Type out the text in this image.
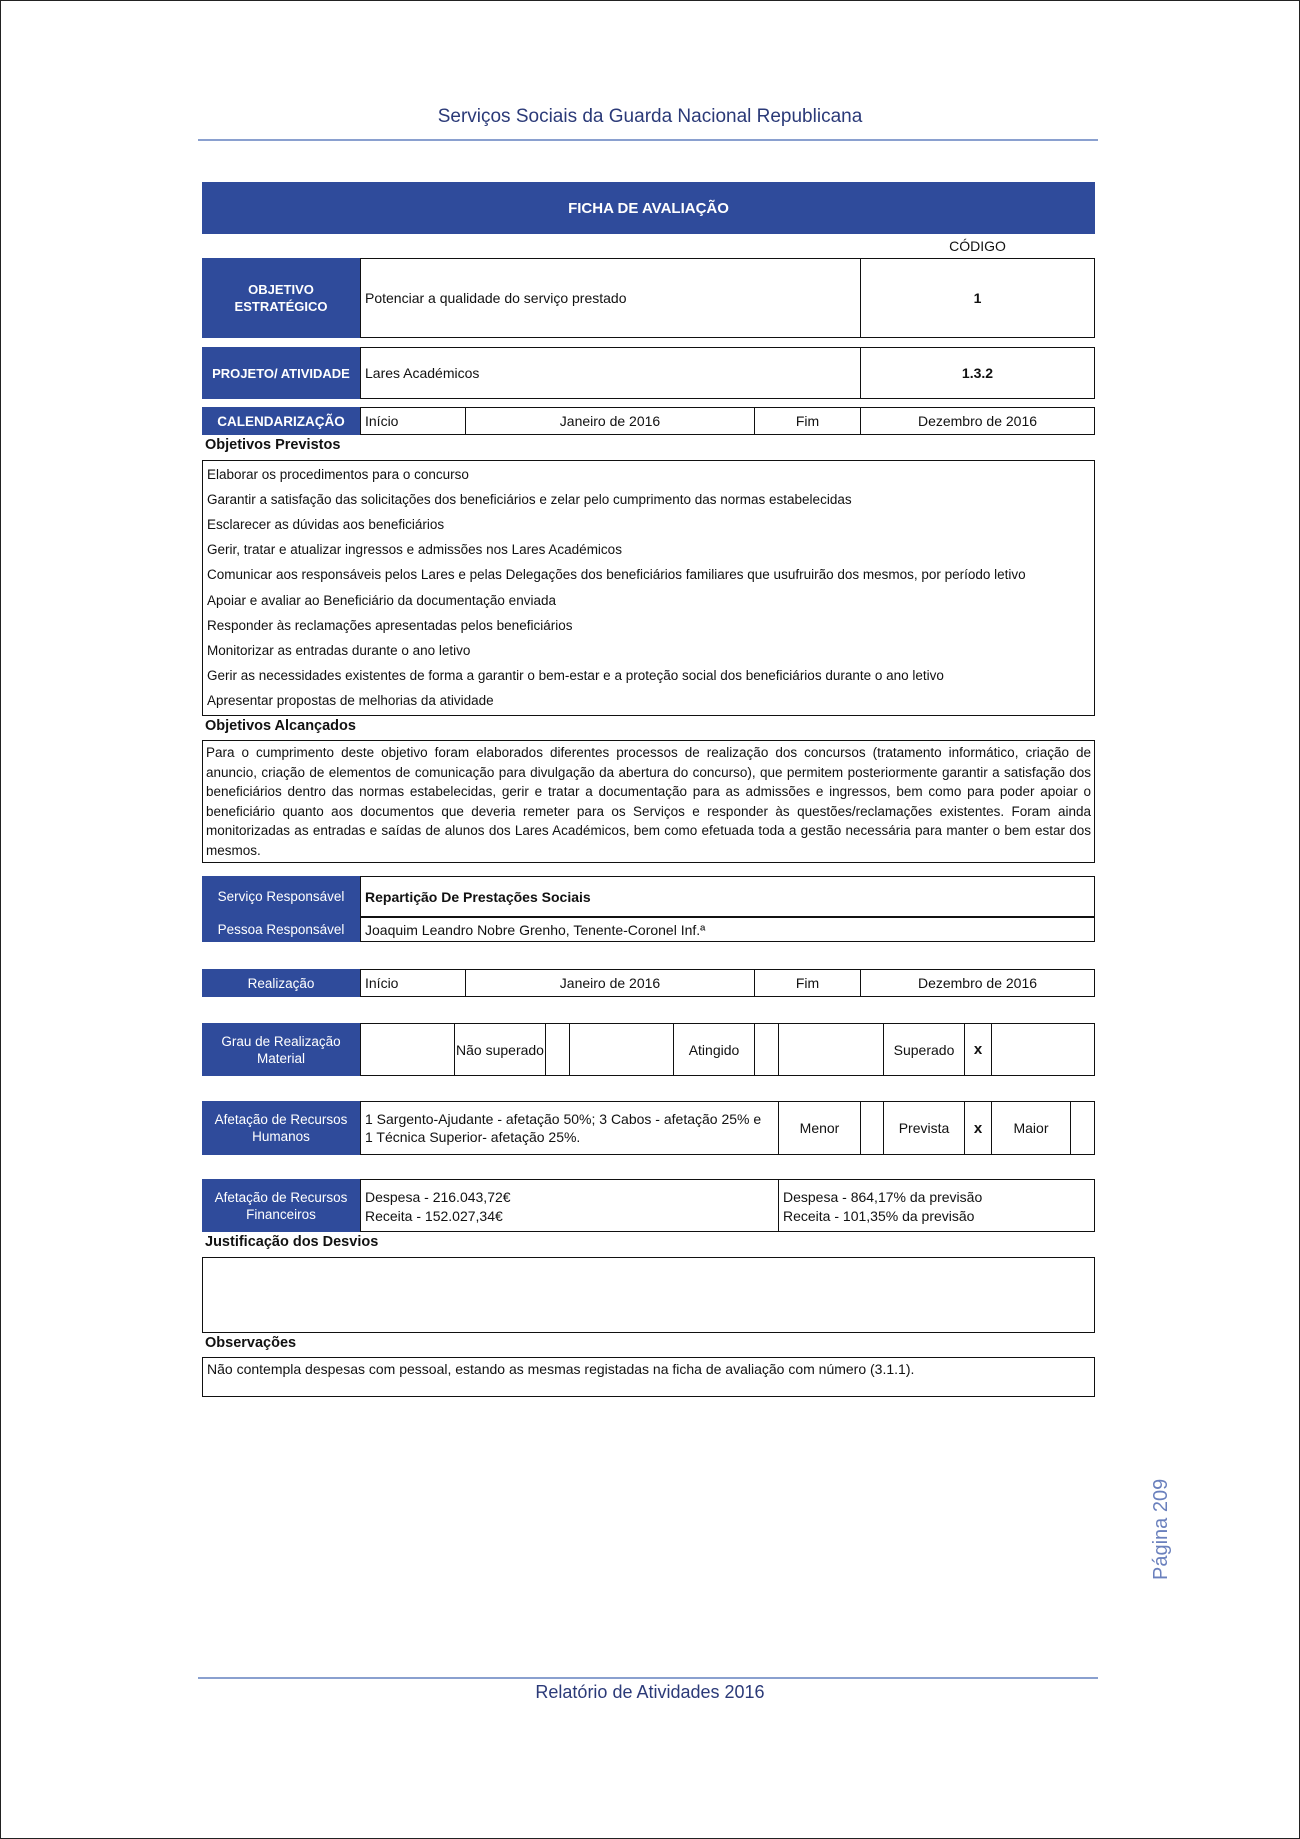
Serviços Sociais da Guarda Nacional Republicana
FICHA DE AVALIAÇÃO
CÓDIGO
OBJETIVO ESTRATÉGICO
Potenciar a qualidade do serviço prestado	1
PROJETO/ ATIVIDADE	Lares Académicos	1.3.2
CALENDARIZAÇÃO	Início	Janeiro de 2016	Fim	Dezembro de 2016
Objetivos Previstos
Elaborar os procedimentos para o concurso
Garantir a satisfação das solicitações dos beneficiários e zelar pelo cumprimento das normas estabelecidas
Esclarecer as dúvidas aos beneficiários
Gerir, tratar e atualizar ingressos e admissões nos Lares Académicos
Comunicar aos responsáveis pelos Lares e pelas Delegações dos beneficiários familiares que usufruirão dos mesmos, por período letivo
Apoiar e avaliar ao Beneficiário da documentação enviada
Responder às reclamações apresentadas pelos beneficiários
Monitorizar as entradas durante o ano letivo
Gerir as necessidades existentes de forma a garantir o bem-estar e a proteção social dos beneficiários durante o ano letivo
Apresentar propostas de melhorias da atividade
Objetivos Alcançados
Para o cumprimento deste objetivo foram elaborados diferentes processos de realização dos concursos (tratamento informático, criação de anuncio, criação de elementos de comunicação para divulgação da abertura do concurso), que permitem posteriormente garantir a satisfação dos beneficiários dentro das normas estabelecidas, gerir e tratar a documentação para as admissões e ingressos, bem como para poder apoiar o beneficiário quanto aos documentos que deveria remeter para os Serviços e responder às questões/reclamações existentes. Foram ainda monitorizadas as entradas e saídas de alunos dos Lares Académicos, bem como efetuada toda a gestão necessária para manter o bem estar dos mesmos.
Serviço Responsável	Repartição De Prestações Sociais
Pessoa Responsável	Joaquim Leandro Nobre Grenho, Tenente-Coronel Inf.ª
Realização	Início	Janeiro de 2016	Fim	Dezembro de 2016
Grau de Realização Material
Não superado	Atingido	Superado	x
Afetação de Recursos Humanos
1 Sargento-Ajudante - afetação 50%; 3 Cabos - afetação 25% e 1 Técnica Superior- afetação 25%.
Menor	Prevista	x	Maior
Afetação de Recursos Financeiros
Despesa - 216.043,72€
Receita - 152.027,34€
Despesa - 864,17% da previsão
Receita - 101,35% da previsão
Justificação dos Desvios
Observações
Não contempla despesas com pessoal, estando as mesmas registadas na ficha de avaliação com número (3.1.1).
Página 209
Relatório de Atividades 2016
